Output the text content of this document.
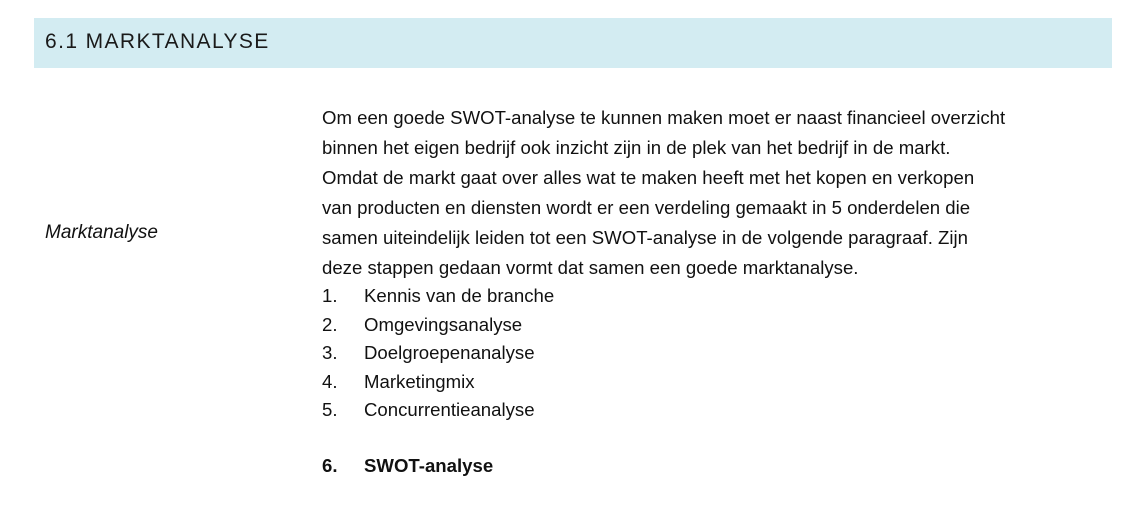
6.1 MARKTANALYSE
Marktanalyse

Om een goede SWOT-analyse te kunnen maken moet er naast financieel overzicht
binnen het eigen bedrijf ook inzicht zijn in de plek van het bedrijf in de markt.
Omdat de markt gaat over alles wat te maken heeft met het kopen en verkopen
van producten en diensten wordt er een verdeling gemaakt in 5 onderdelen die
samen uiteindelijk leiden tot een SWOT-analyse in de volgende paragraaf. Zijn
deze stappen gedaan vormt dat samen een goede marktanalyse.

1. Kennis van de branche
2. Omgevingsanalyse
3. Doelgroepenanalyse
4. Marketingmix
5. Concurrentieanalyse
6. SWOT-analyse
